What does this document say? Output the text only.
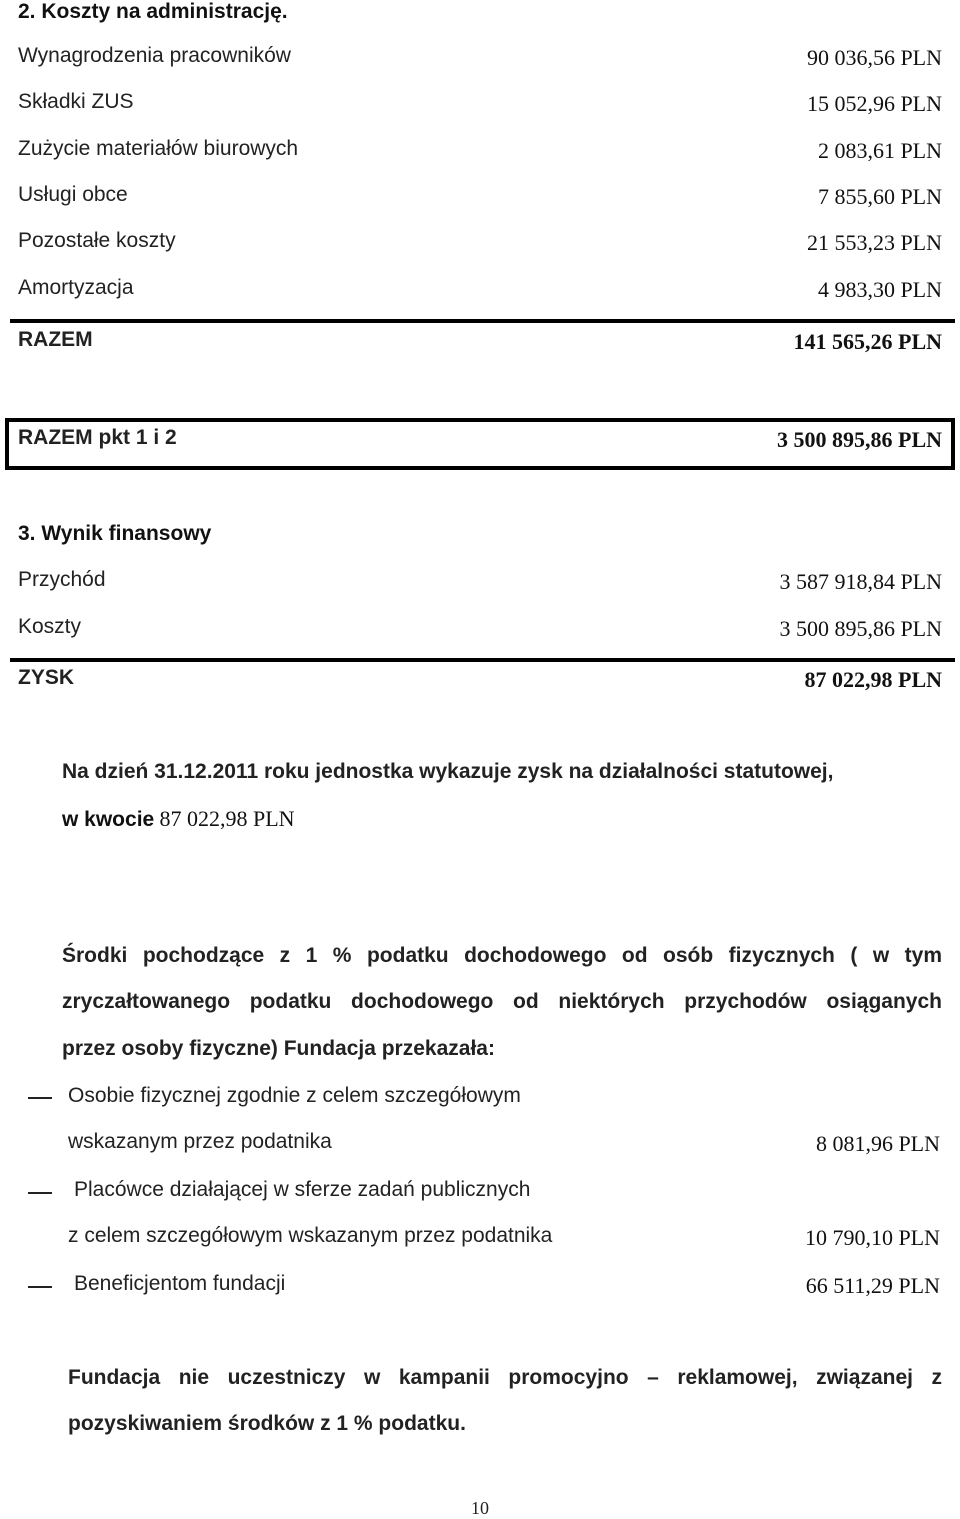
2. Koszty na administrację.
Wynagrodzenia pracowników	90 036,56 PLN
Składki ZUS	15 052,96 PLN
Zużycie materiałów biurowych	2 083,61 PLN
Usługi obce	7 855,60 PLN
Pozostałe koszty	21 553,23 PLN
Amortyzacja	4 983,30 PLN
RAZEM	141 565,26 PLN
RAZEM pkt 1 i 2	3 500 895,86 PLN
3. Wynik finansowy
Przychód	3 587 918,84 PLN
Koszty	3 500 895,86 PLN
ZYSK	87 022,98 PLN
Na dzień 31.12.2011 roku jednostka wykazuje zysk na działalności statutowej,
w kwocie 87 022,98 PLN
Środki pochodzące z 1 % podatku dochodowego od osób fizycznych ( w tym
zryczałtowanego podatku dochodowego od niektórych przychodów osiąganych
przez osoby fizyczne) Fundacja przekazała:
Osobie fizycznej zgodnie z celem szczegółowym
wskazanym przez podatnika	8 081,96 PLN
Placówce działającej w sferze zadań publicznych
z celem szczegółowym wskazanym przez podatnika	10 790,10 PLN
Beneficjentom fundacji	66 511,29 PLN
Fundacja nie uczestniczy w kampanii promocyjno – reklamowej, związanej z
pozyskiwaniem środków z 1 % podatku.
10
